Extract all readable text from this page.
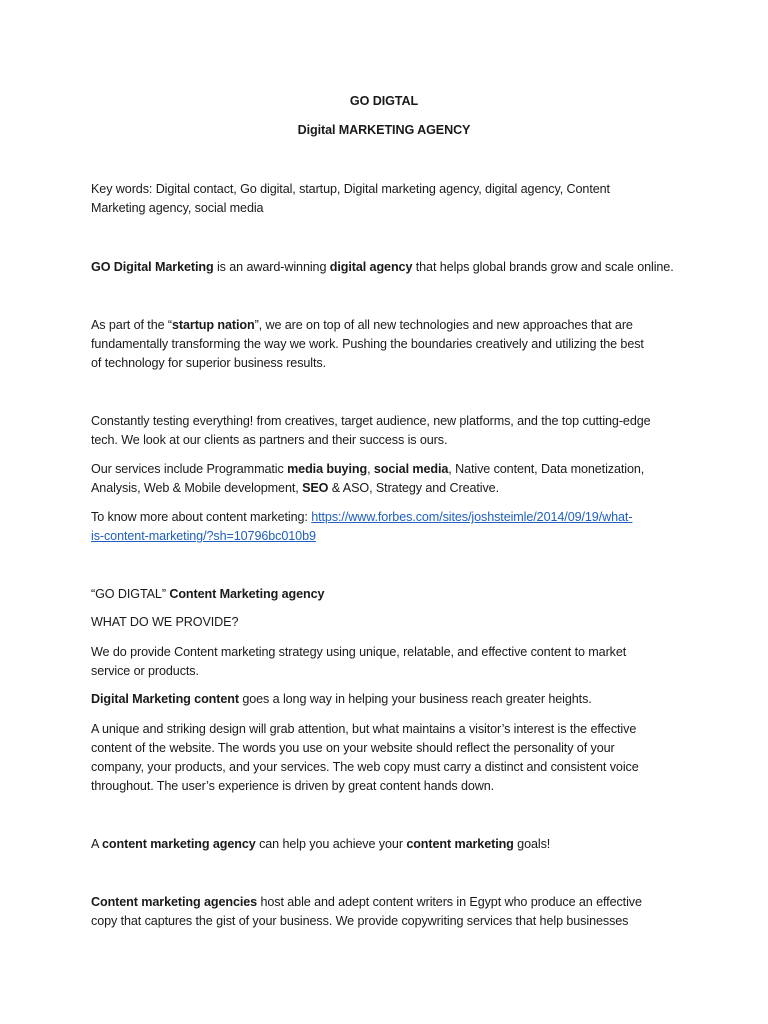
GO DIGTAL
Digital MARKETING AGENCY
Key words: Digital contact, Go digital, startup, Digital marketing agency, digital agency, Content
Marketing agency, social media
GO Digital Marketing is an award-winning digital agency that helps global brands grow and scale online.
As part of the “startup nation”, we are on top of all new technologies and new approaches that are
fundamentally transforming the way we work. Pushing the boundaries creatively and utilizing the best
of technology for superior business results.
Constantly testing everything! from creatives, target audience, new platforms, and the top cutting-edge
tech. We look at our clients as partners and their success is ours.
Our services include Programmatic media buying, social media, Native content, Data monetization,
Analysis, Web & Mobile development, SEO & ASO, Strategy and Creative.
To know more about content marketing: https://www.forbes.com/sites/joshsteimle/2014/09/19/what-
is-content-marketing/?sh=10796bc010b9
“GO DIGTAL” Content Marketing agency
WHAT DO WE PROVIDE?
We do provide Content marketing strategy using unique, relatable, and effective content to market
service or products.
Digital Marketing content goes a long way in helping your business reach greater heights.
A unique and striking design will grab attention, but what maintains a visitor’s interest is the effective
content of the website. The words you use on your website should reflect the personality of your
company, your products, and your services. The web copy must carry a distinct and consistent voice
throughout. The user’s experience is driven by great content hands down.
A content marketing agency can help you achieve your content marketing goals!
Content marketing agencies host able and adept content writers in Egypt who produce an effective
copy that captures the gist of your business. We provide copywriting services that help businesses
